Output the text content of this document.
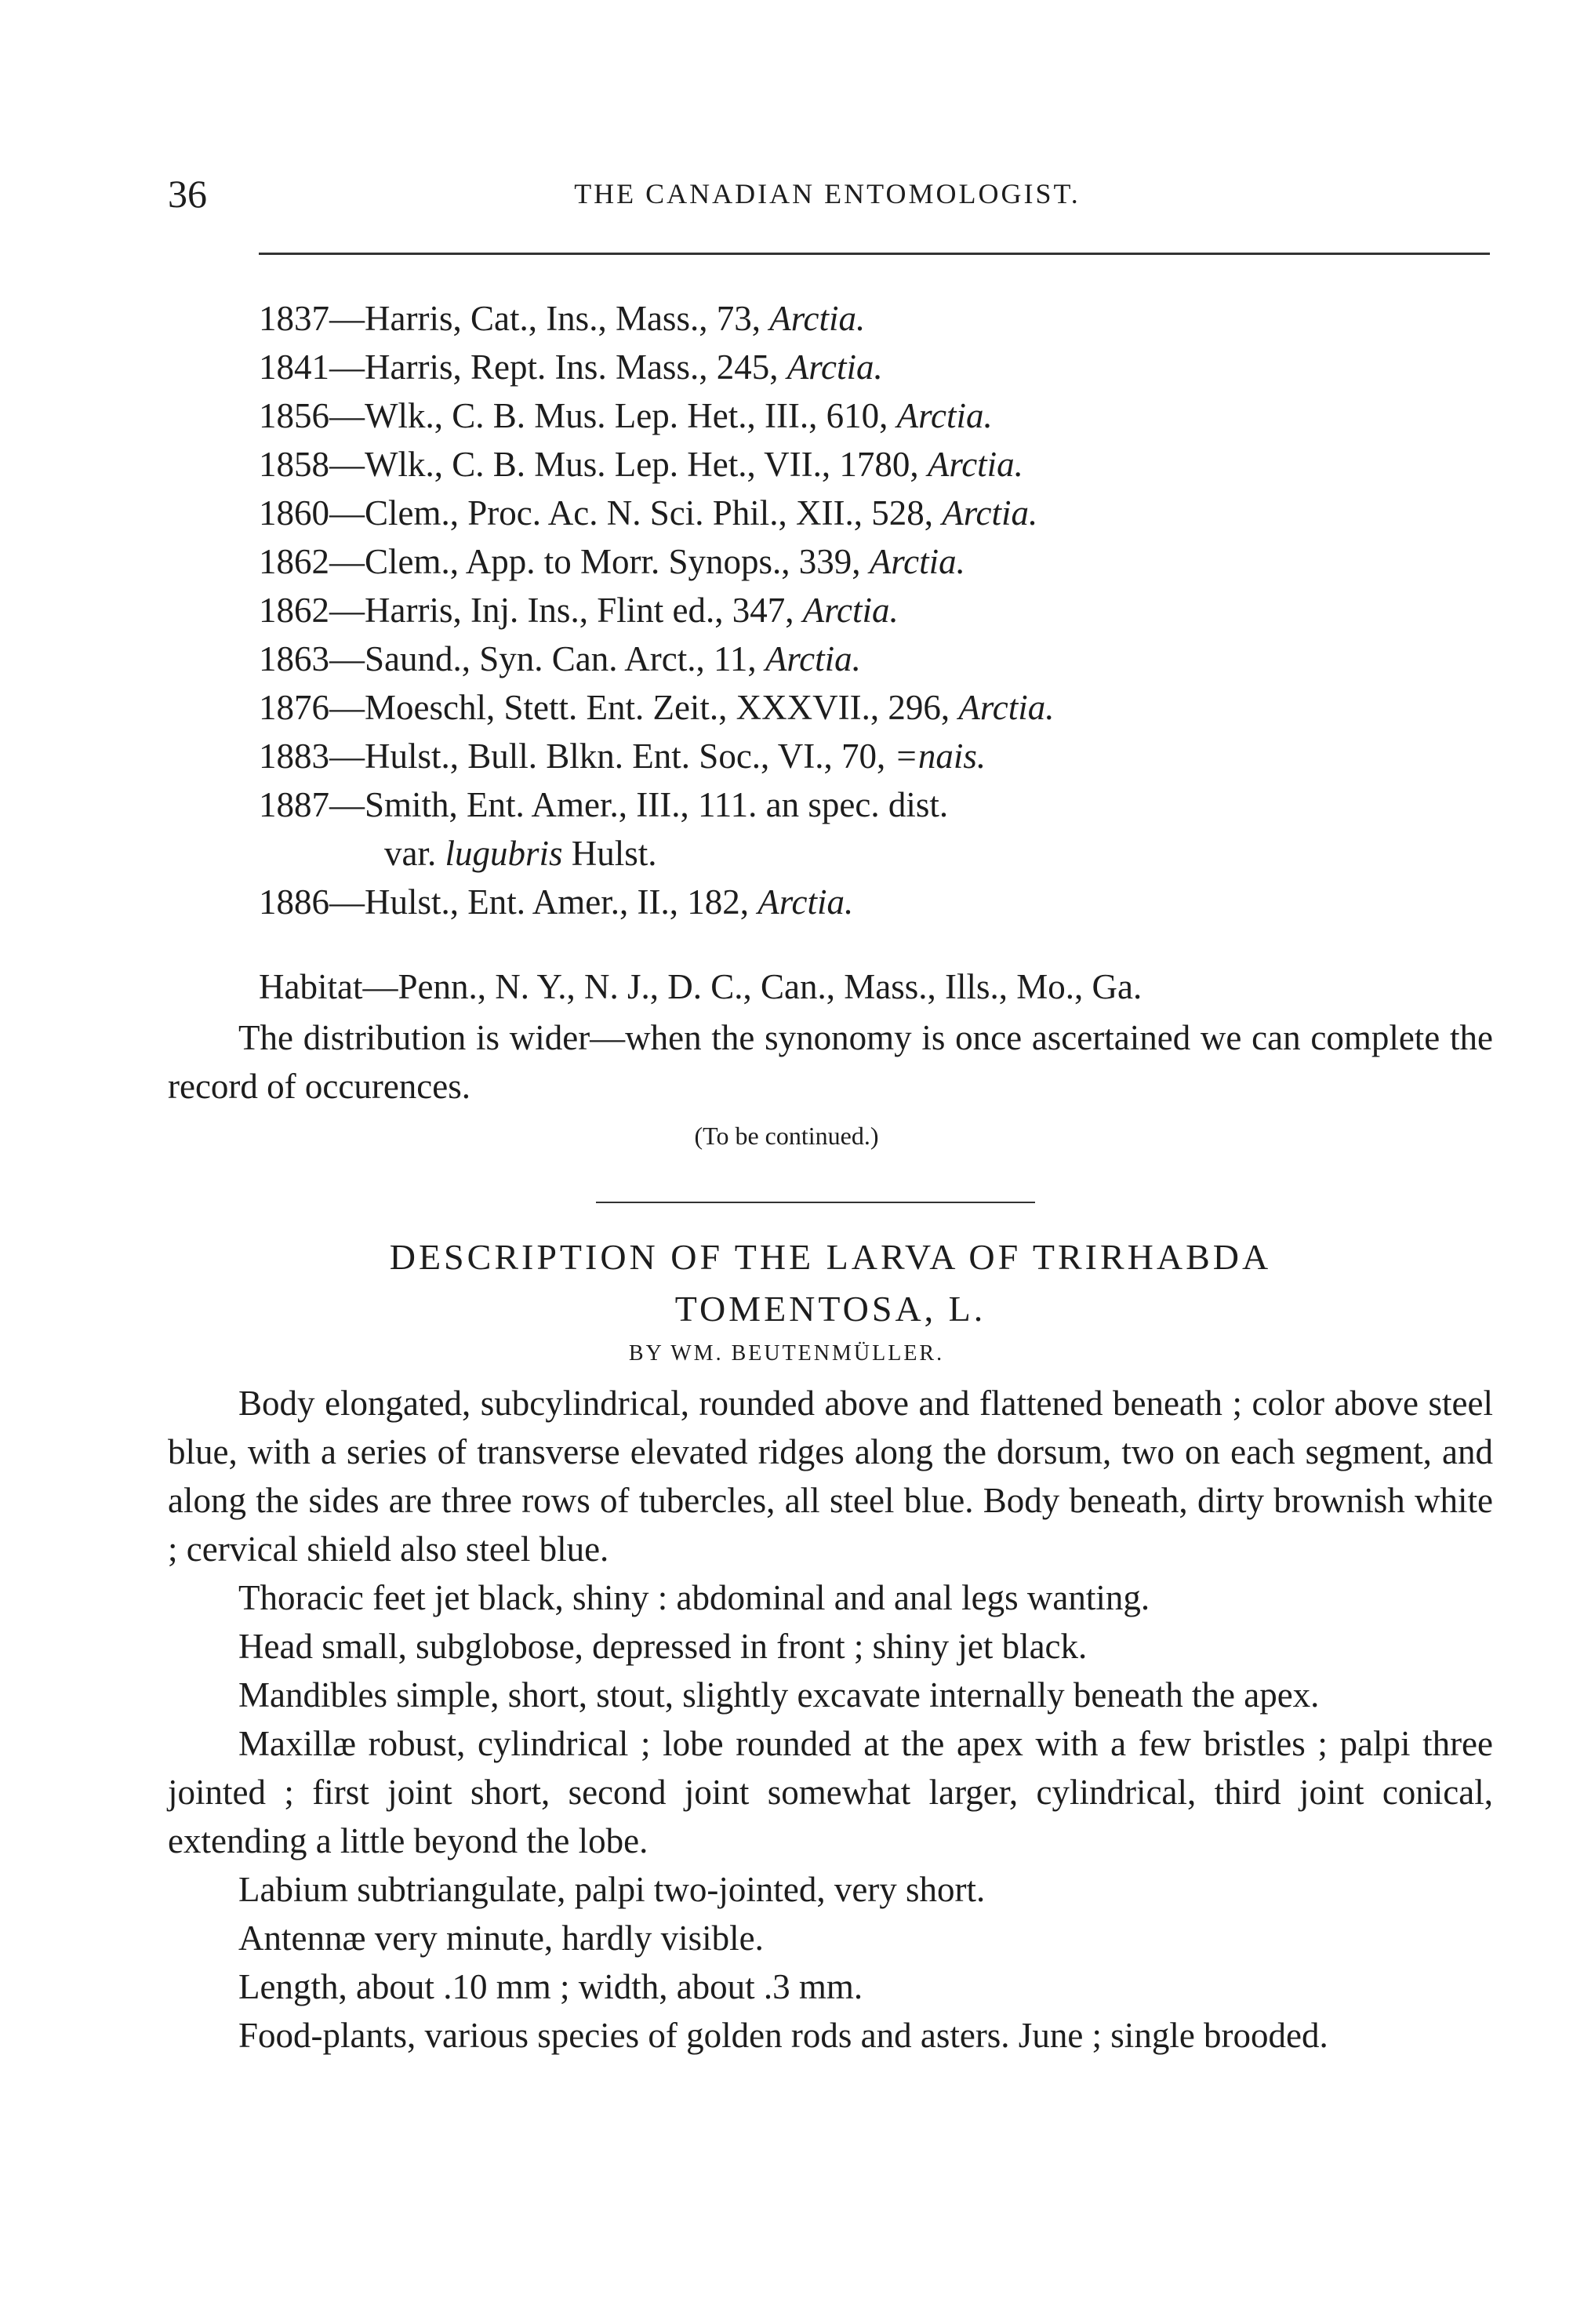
36	THE CANADIAN ENTOMOLOGIST.
1837—Harris, Cat., Ins., Mass., 73, Arctia.
1841—Harris, Rept. Ins. Mass., 245, Arctia.
1856—Wlk., C. B. Mus. Lep. Het., III., 610, Arctia.
1858—Wlk., C. B. Mus. Lep. Het., VII., 1780, Arctia.
1860—Clem., Proc. Ac. N. Sci. Phil., XII., 528, Arctia.
1862—Clem., App. to Morr. Synops., 339, Arctia.
1862—Harris, Inj. Ins., Flint ed., 347, Arctia.
1863—Saund., Syn. Can. Arct., 11, Arctia.
1876—Moeschl, Stett. Ent. Zeit., XXXVII., 296, Arctia.
1883—Hulst., Bull. Blkn. Ent. Soc., VI., 70, =nais.
1887—Smith, Ent. Amer., III., 111. an spec. dist.
var. lugubris Hulst.
1886—Hulst., Ent. Amer., II., 182, Arctia.
Habitat—Penn., N. Y., N. J., D. C., Can., Mass., Ills., Mo., Ga.
The distribution is wider—when the synonomy is once ascertained we can complete the record of occurences.
(To be continued.)
DESCRIPTION OF THE LARVA OF TRIRHABDA
TOMENTOSA, L.
BY WM. BEUTENMÜLLER.

Body elongated, subcylindrical, rounded above and flattened beneath ; color above steel blue, with a series of transverse elevated ridges along the dorsum, two on each segment, and along the sides are three rows of tubercles, all steel blue. Body beneath, dirty brownish white ; cervical shield also steel blue.

Thoracic feet jet black, shiny : abdominal and anal legs wanting.

Head small, subglobose, depressed in front ; shiny jet black.

Mandibles simple, short, stout, slightly excavate internally beneath the apex.

Maxillæ robust, cylindrical ; lobe rounded at the apex with a few bristles ; palpi three jointed ; first joint short, second joint somewhat larger, cylindrical, third joint conical, extending a little beyond the lobe.

Labium subtriangulate, palpi two-jointed, very short.

Antennæ very minute, hardly visible.

Length, about .10 mm ; width, about .3 mm.

Food-plants, various species of golden rods and asters. June ; single brooded.
